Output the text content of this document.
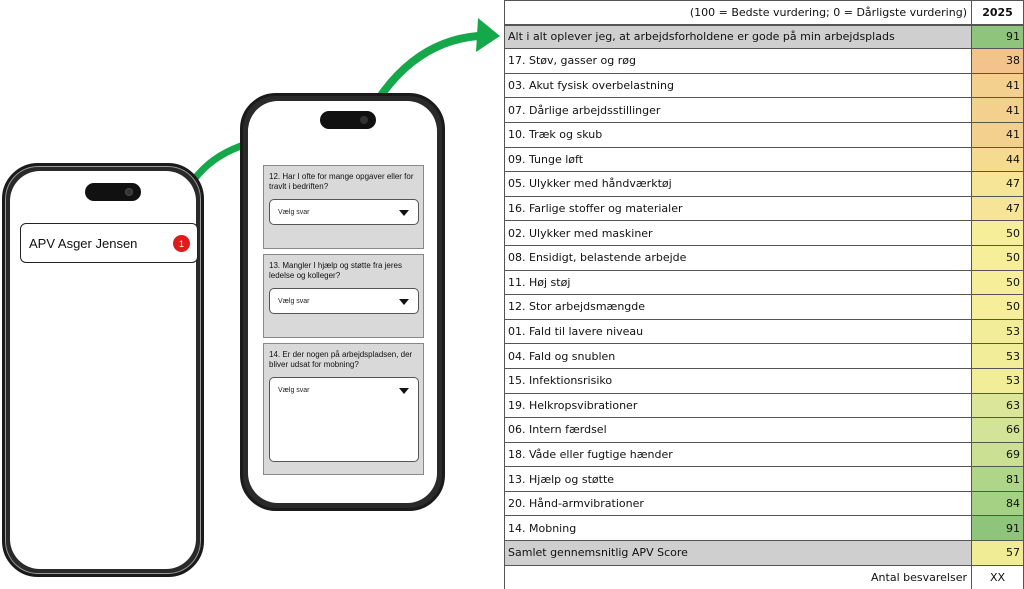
APV Asger Jensen	1
12. Har I ofte for mange opgaver eller for travlt i bedriften?
Vælg svar
13. Mangler I hjælp og støtte fra jeres ledelse og kolleger?
Vælg svar
14. Er der nogen på arbejdspladsen, der bliver udsat for mobning?
Vælg svar
(100 = Bedste vurdering; 0 = Dårligste vurdering)	2025
Alt i alt oplever jeg, at arbejdsforholdene er gode på min arbejdsplads	91
17. Støv, gasser og røg	38
03. Akut fysisk overbelastning	41
07. Dårlige arbejdsstillinger	41
10. Træk og skub	41
09. Tunge løft	44
05. Ulykker med håndværktøj	47
16. Farlige stoffer og materialer	47
02. Ulykker med maskiner	50
08. Ensidigt, belastende arbejde	50
11. Høj støj	50
12. Stor arbejdsmængde	50
01. Fald til lavere niveau	53
04. Fald og snublen	53
15. Infektionsrisiko	53
19. Helkropsvibrationer	63
06. Intern færdsel	66
18. Våde eller fugtige hænder	69
13. Hjælp og støtte	81
20. Hånd-armvibrationer	84
14. Mobning	91
Samlet gennemsnitlig APV Score	57
Antal besvarelser	XX
